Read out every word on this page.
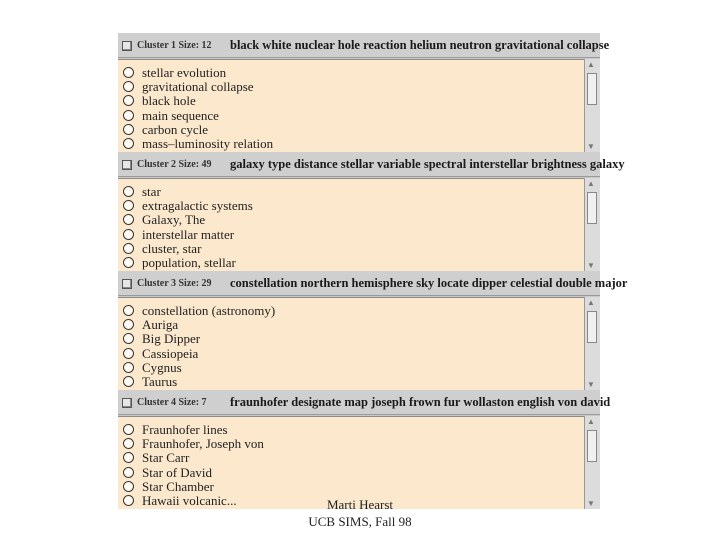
Cluster 1 Size: 12 black white nuclear hole reaction helium neutron gravitational collapse
stellar evolution
gravitational collapse
black hole
main sequence
carbon cycle
mass–luminosity relation
▲
▼
Cluster 2 Size: 49 galaxy type distance stellar variable spectral interstellar brightness galaxy
star
extragalactic systems
Galaxy, The
interstellar matter
cluster, star
population, stellar
▲
▼
Cluster 3 Size: 29 constellation northern hemisphere sky locate dipper celestial double major
constellation (astronomy)
Auriga
Big Dipper
Cassiopeia
Cygnus
Taurus
▲
▼
Cluster 4 Size: 7 fraunhofer designate map joseph frown fur wollaston english von david
Fraunhofer lines
Fraunhofer, Joseph von
Star Carr
Star of David
Star Chamber
Hawaii volcanic...
▲
▼
Marti Hearst
UCB SIMS, Fall 98
